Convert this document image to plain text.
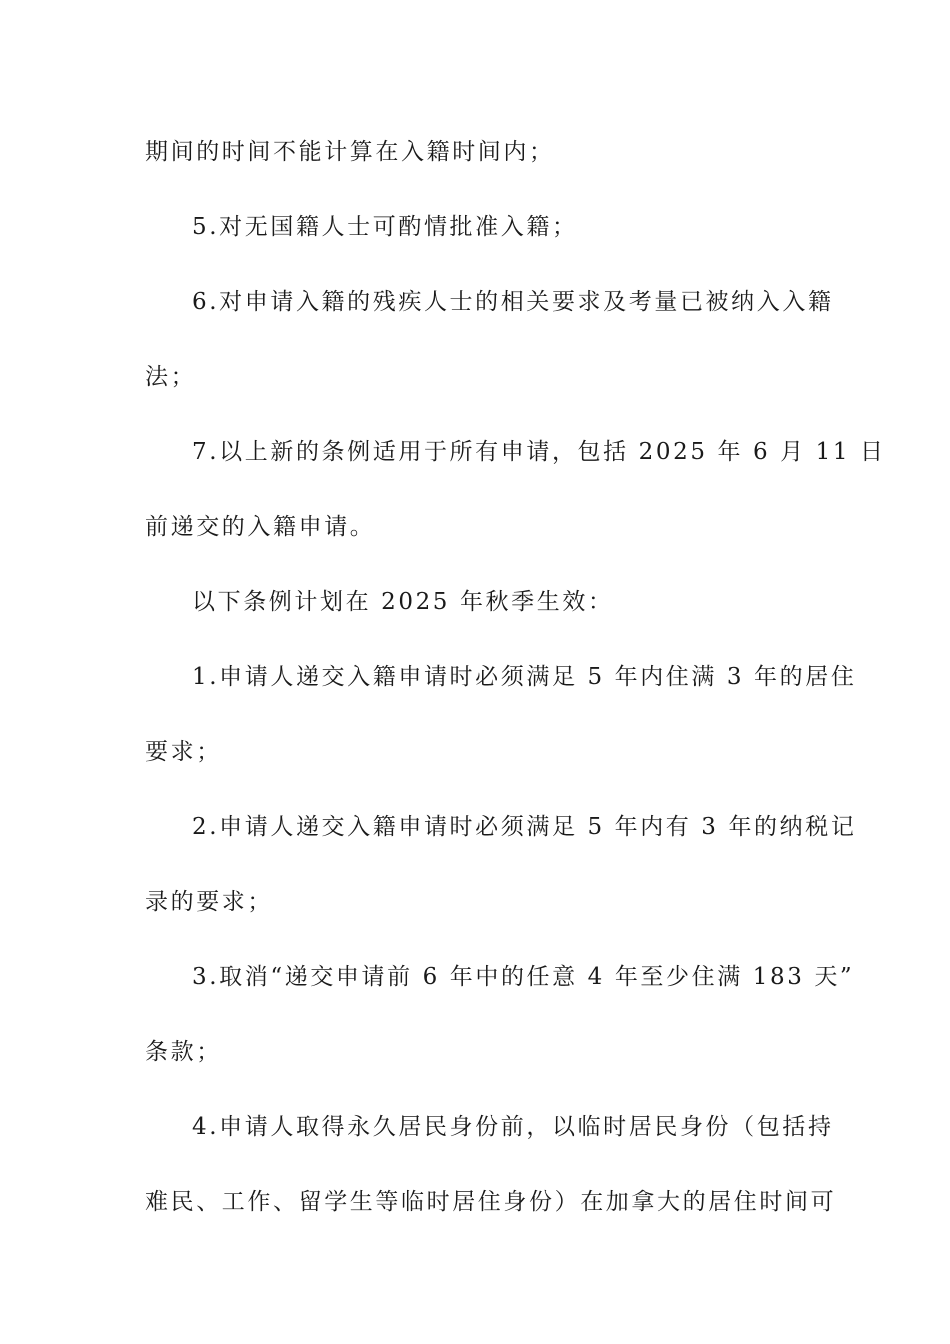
期间的时间不能计算在入籍时间内；
5.对无国籍人士可酌情批准入籍；
6.对申请入籍的残疾人士的相关要求及考量已被纳入入籍
法；
7.以上新的条例适用于所有申请，包括 2025 年 6 月 11 日
前递交的入籍申请。
以下条例计划在 2025 年秋季生效：
1.申请人递交入籍申请时必须满足 5 年内住满 3 年的居住
要求；
2.申请人递交入籍申请时必须满足 5 年内有 3 年的纳税记
录的要求；
3.取消“递交申请前 6 年中的任意 4 年至少住满 183 天”
条款；
4.申请人取得永久居民身份前，以临时居民身份（包括持
难民、工作、留学生等临时居住身份）在加拿大的居住时间可
